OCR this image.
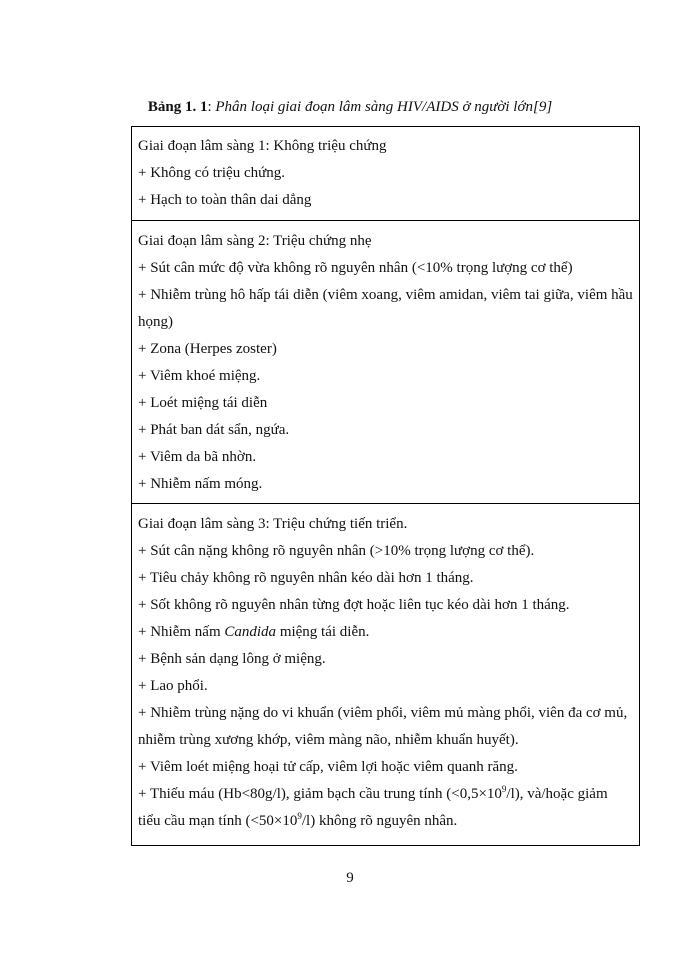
Bảng 1. 1: Phân loại giai đoạn lâm sàng HIV/AIDS ở người lớn[9]
Giai đoạn lâm sàng 1: Không triệu chứng
+ Không có triệu chứng.
+ Hạch to toàn thân dai dẳng
Giai đoạn lâm sàng 2: Triệu chứng nhẹ
+ Sút cân mức độ vừa không rõ nguyên nhân (<10% trọng lượng cơ thể)
+ Nhiễm trùng hô hấp tái diễn (viêm xoang, viêm amidan, viêm tai giữa, viêm hầu họng)
+ Zona (Herpes zoster)
+ Viêm khoé miệng.
+ Loét miệng tái diễn
+ Phát ban dát sẩn, ngứa.
+ Viêm da bã nhờn.
+ Nhiễm nấm móng.
Giai đoạn lâm sàng 3: Triệu chứng tiến triển.
+ Sút cân nặng không rõ nguyên nhân (>10% trọng lượng cơ thể).
+ Tiêu chảy không rõ nguyên nhân kéo dài hơn 1 tháng.
+ Sốt không rõ nguyên nhân từng đợt hoặc liên tục kéo dài hơn 1 tháng.
+ Nhiễm nấm Candida miệng tái diễn.
+ Bệnh sản dạng lông ở miệng.
+ Lao phổi.
+ Nhiễm trùng nặng do vi khuẩn (viêm phổi, viêm mủ màng phổi, viên đa cơ mủ, nhiễm trùng xương khớp, viêm màng não, nhiễm khuẩn huyết).
+ Viêm loét miệng hoại tử cấp, viêm lợi hoặc viêm quanh răng.
+ Thiếu máu (Hb<80g/l), giảm bạch cầu trung tính $(<0,5\times 10^9/l)$, và/hoặc giảm tiểu cầu mạn tính $(<50\times 10^9/l)$ không rõ nguyên nhân.
9
